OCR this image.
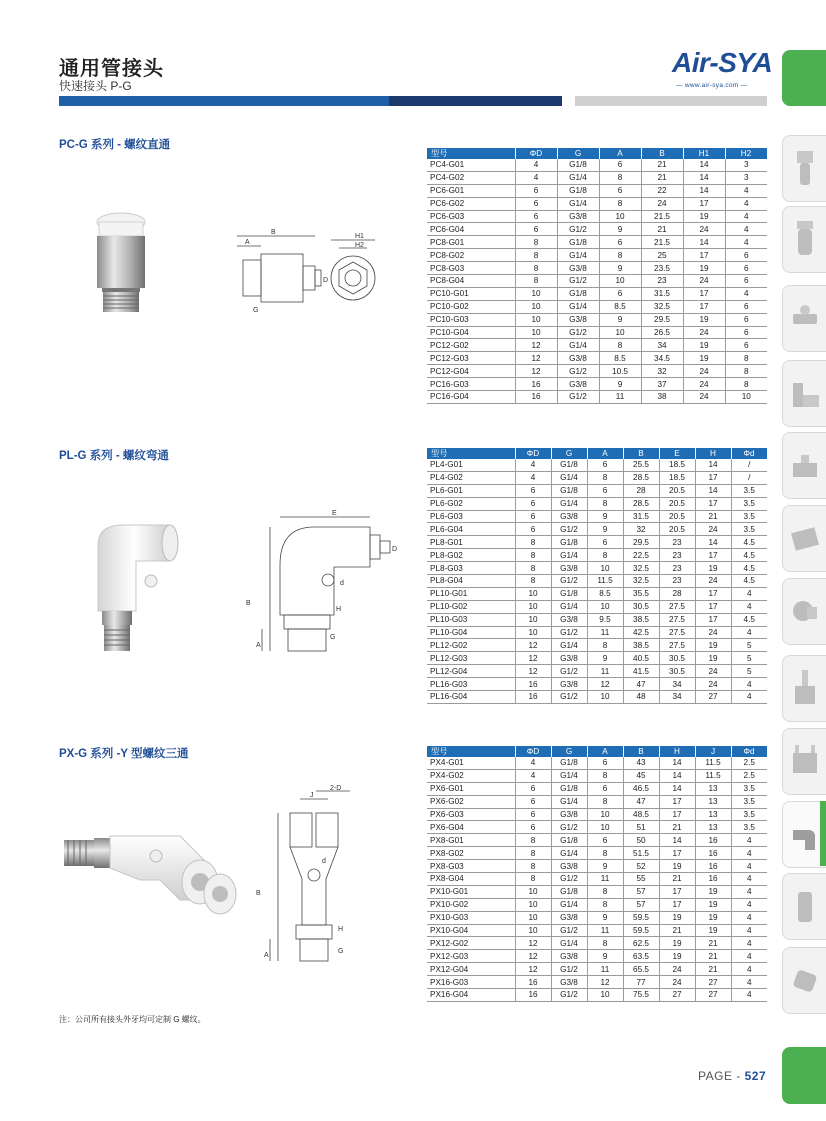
通用管接头
快速接头 P-G
Air-SYA
— www.air-sya.com —
PC-G 系列 - 螺纹直通
B
A
G
H1
H2
D
型号	ΦD	G	A	B	H1	H2
PC4-G01	4	G1/8	6	21	14	3
PC4-G02	4	G1/4	8	21	14	3
PC6-G01	6	G1/8	6	22	14	4
PC6-G02	6	G1/4	8	24	17	4
PC6-G03	6	G3/8	10	21.5	19	4
PC6-G04	6	G1/2	9	21	24	4
PC8-G01	8	G1/8	6	21.5	14	4
PC8-G02	8	G1/4	8	25	17	6
PC8-G03	8	G3/8	9	23.5	19	6
PC8-G04	8	G1/2	10	23	24	6
PC10-G01	10	G1/8	6	31.5	17	4
PC10-G02	10	G1/4	8.5	32.5	17	6
PC10-G03	10	G3/8	9	29.5	19	6
PC10-G04	10	G1/2	10	26.5	24	6
PC12-G02	12	G1/4	8	34	19	6
PC12-G03	12	G3/8	8.5	34.5	19	8
PC12-G04	12	G1/2	10.5	32	24	8
PC16-G03	16	G3/8	9	37	24	8
PC16-G04	16	G1/2	11	38	24	10
PL-G 系列 - 螺纹弯通
E
D
d
H
B
A
G
型号	ΦD	G	A	B	E	H	Φd
PL4-G01	4	G1/8	6	25.5	18.5	14	/
PL4-G02	4	G1/4	8	28.5	18.5	17	/
PL6-G01	6	G1/8	6	28	20.5	14	3.5
PL6-G02	6	G1/4	8	28.5	20.5	17	3.5
PL6-G03	6	G3/8	9	31.5	20.5	21	3.5
PL6-G04	6	G1/2	9	32	20.5	24	3.5
PL8-G01	8	G1/8	6	29.5	23	14	4.5
PL8-G02	8	G1/4	8	22.5	23	17	4.5
PL8-G03	8	G3/8	10	32.5	23	19	4.5
PL8-G04	8	G1/2	11.5	32.5	23	24	4.5
PL10-G01	10	G1/8	8.5	35.5	28	17	4
PL10-G02	10	G1/4	10	30.5	27.5	17	4
PL10-G03	10	G3/8	9.5	38.5	27.5	17	4.5
PL10-G04	10	G1/2	11	42.5	27.5	24	4
PL12-G02	12	G1/4	8	38.5	27.5	19	5
PL12-G03	12	G3/8	9	40.5	30.5	19	5
PL12-G04	12	G1/2	11	41.5	30.5	24	5
PL16-G03	16	G3/8	12	47	34	24	4
PL16-G04	16	G1/2	10	48	34	27	4
PX-G 系列 -Y 型螺纹三通
J
2-D
d
B
H
A
G
型号	ΦD	G	A	B	H	J	Φd
PX4-G01	4	G1/8	6	43	14	11.5	2.5
PX4-G02	4	G1/4	8	45	14	11.5	2.5
PX6-G01	6	G1/8	6	46.5	14	13	3.5
PX6-G02	6	G1/4	8	47	17	13	3.5
PX6-G03	6	G3/8	10	48.5	17	13	3.5
PX6-G04	6	G1/2	10	51	21	13	3.5
PX8-G01	8	G1/8	6	50	14	16	4
PX8-G02	8	G1/4	8	51.5	17	16	4
PX8-G03	8	G3/8	9	52	19	16	4
PX8-G04	8	G1/2	11	55	21	16	4
PX10-G01	10	G1/8	8	57	17	19	4
PX10-G02	10	G1/4	8	57	17	19	4
PX10-G03	10	G3/8	9	59.5	19	19	4
PX10-G04	10	G1/2	11	59.5	21	19	4
PX12-G02	12	G1/4	8	62.5	19	21	4
PX12-G03	12	G3/8	9	63.5	19	21	4
PX12-G04	12	G1/2	11	65.5	24	21	4
PX16-G03	16	G3/8	12	77	24	27	4
PX16-G04	16	G1/2	10	75.5	27	27	4
注：公司所有接头外牙均可定制 G 螺纹。
PAGE - 527
